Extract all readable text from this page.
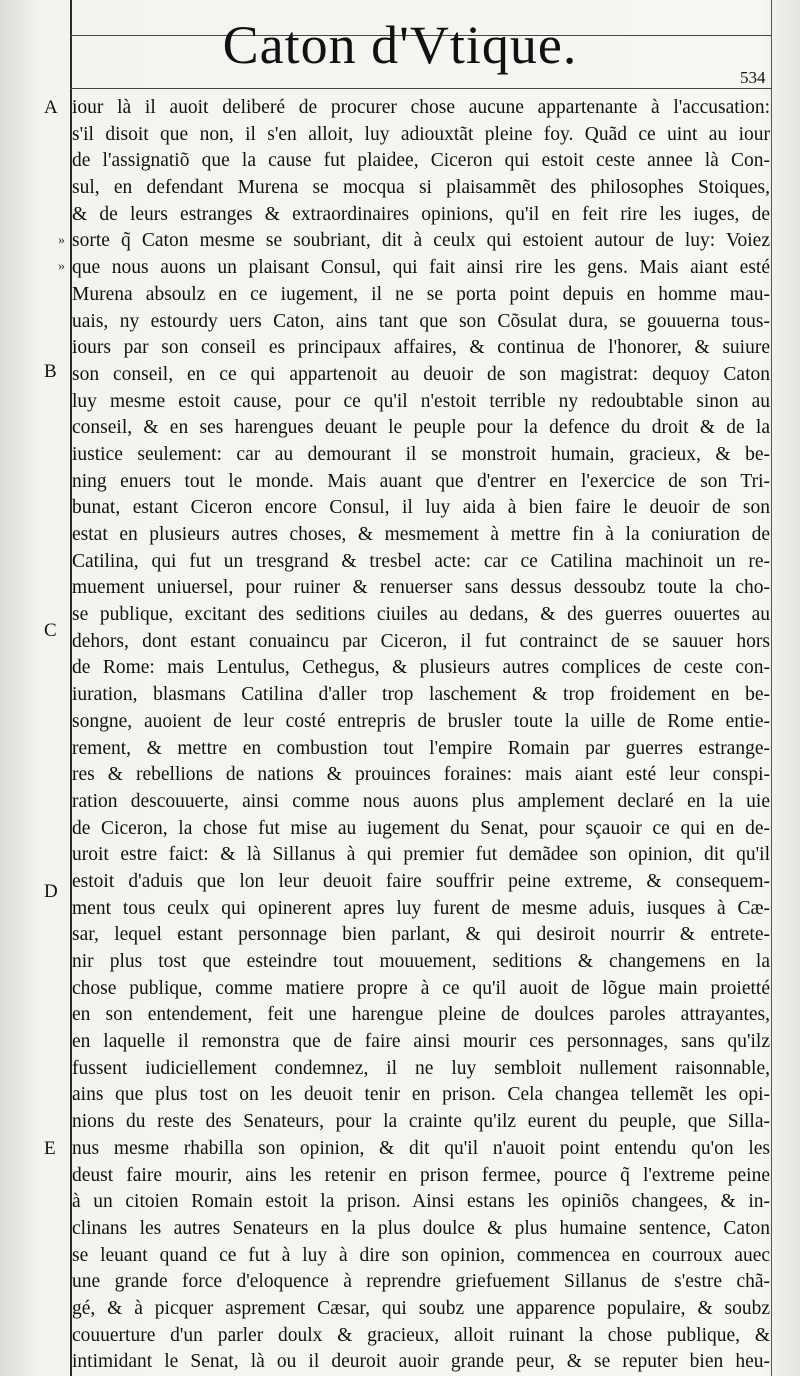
Caton d'Vtique.
534
A
B
C
D
E
»
»
iour là il auoit deliberé de procurer chose aucune appartenante à l'accusation:
s'il disoit que non, il s'en alloit, luy adiouxtãt pleine foy. Quãd ce uint au iour
de l'assignatiõ que la cause fut plaidee, Ciceron qui estoit ceste annee là Con-
sul, en defendant Murena se mocqua si plaisammẽt des philosophes Stoiques,
& de leurs estranges & extraordinaires opinions, qu'il en feit rire les iuges, de
sorte q̃ Caton mesme se soubriant, dit à ceulx qui estoient autour de luy: Voiez
que nous auons un plaisant Consul, qui fait ainsi rire les gens. Mais aiant esté
Murena absoulz en ce iugement, il ne se porta point depuis en homme mau-
uais, ny estourdy uers Caton, ains tant que son Cõsulat dura, se gouuerna tous-
iours par son conseil es principaux affaires, & continua de l'honorer, & suiure
son conseil, en ce qui appartenoit au deuoir de son magistrat: dequoy Caton
luy mesme estoit cause, pour ce qu'il n'estoit terrible ny redoubtable sinon au
conseil, & en ses harengues deuant le peuple pour la defence du droit & de la
iustice seulement: car au demourant il se monstroit humain, gracieux, & be-
ning enuers tout le monde. Mais auant que d'entrer en l'exercice de son Tri-
bunat, estant Ciceron encore Consul, il luy aida à bien faire le deuoir de son
estat en plusieurs autres choses, & mesmement à mettre fin à la coniuration de
Catilina, qui fut un tresgrand & tresbel acte: car ce Catilina machinoit un re-
muement uniuersel, pour ruiner & renuerser sans dessus dessoubz toute la cho-
se publique, excitant des seditions ciuiles au dedans, & des guerres ouuertes au
dehors, dont estant conuaincu par Ciceron, il fut contrainct de se sauuer hors
de Rome: mais Lentulus, Cethegus, & plusieurs autres complices de ceste con-
iuration, blasmans Catilina d'aller trop laschement & trop froidement en be-
songne, auoient de leur costé entrepris de brusler toute la uille de Rome entie-
rement, & mettre en combustion tout l'empire Romain par guerres estrange-
res & rebellions de nations & prouinces foraines: mais aiant esté leur conspi-
ration descouuerte, ainsi comme nous auons plus amplement declaré en la uie
de Ciceron, la chose fut mise au iugement du Senat, pour sçauoir ce qui en de-
uroit estre faict: & là Sillanus à qui premier fut demãdee son opinion, dit qu'il
estoit d'aduis que lon leur deuoit faire souffrir peine extreme, & consequem-
ment tous ceulx qui opinerent apres luy furent de mesme aduis, iusques à Cæ-
sar, lequel estant personnage bien parlant, & qui desiroit nourrir & entrete-
nir plus tost que esteindre tout mouuement, seditions & changemens en la
chose publique, comme matiere propre à ce qu'il auoit de lõgue main proietté
en son entendement, feit une harengue pleine de doulces paroles attrayantes,
en laquelle il remonstra que de faire ainsi mourir ces personnages, sans qu'ilz
fussent iudiciellement condemnez, il ne luy sembloit nullement raisonnable,
ains que plus tost on les deuoit tenir en prison. Cela changea tellemẽt les opi-
nions du reste des Senateurs, pour la crainte qu'ilz eurent du peuple, que Silla-
nus mesme rhabilla son opinion, & dit qu'il n'auoit point entendu qu'on les
deust faire mourir, ains les retenir en prison fermee, pource q̃ l'extreme peine
à un citoien Romain estoit la prison. Ainsi estans les opiniõs changees, & in-
clinans les autres Senateurs en la plus doulce & plus humaine sentence, Caton
se leuant quand ce fut à luy à dire son opinion, commencea en courroux auec
une grande force d'eloquence à reprendre griefuement Sillanus de s'estre chã-
gé, & à picquer asprement Cæsar, qui soubz une apparence populaire, & soubz
couuerture d'un parler doulx & gracieux, alloit ruinant la chose publique, &
intimidant le Senat, là ou il deuroit auoir grande peur, & se reputer bien heu-
